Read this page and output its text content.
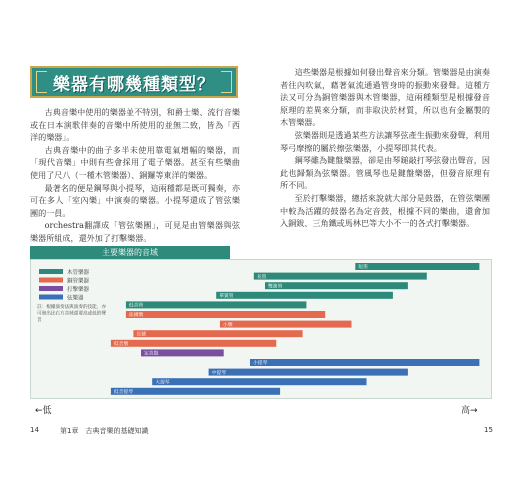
樂器有哪幾種類型？

古典音樂中使用的樂器並不特別，和爵士樂、流行音樂或在日本演歌伴奏的音樂中所使用的並無二致，皆為「西洋的樂器」。

古典音樂中的曲子多半未使用靠電氣增幅的樂器，而「現代音樂」中則有些會採用了電子樂器。甚至有些樂曲使用了尺八（一種木管樂器）、銅鑼等東洋的樂器。

最著名的便是鋼琴與小提琴，這兩種都是既可獨奏，亦可在多人「室內樂」中演奏的樂器。小提琴還成了管弦樂團的一員。

orchestra翻譯成「管弦樂團」，可見是由管樂器與弦樂器所組成，還外加了打擊樂器。

這些樂器是根據如何發出聲音來分類。管樂器是由演奏者往內吹氣，藉著氣流通過管身時的振動來發聲。這種方法又可分為銅管樂器與木管樂器，這兩種類型是根據發音原理的差異來分類，而非取決於材質，所以也有金屬製的木管樂器。

弦樂器則是透過某些方法讓琴弦產生振動來發聲，利用琴弓摩擦的屬於擦弦樂器，小提琴即其代表。

鋼琴雖為鍵盤樂器，卻是由琴鎚敲打琴弦發出聲音，因此也歸類為弦樂器。管風琴也是鍵盤樂器，但發音原理有所不同。

至於打擊樂器，總括來說就大部分是鼓器，在管弦樂團中較為活躍的鼓器名為定音鼓，根據不同的樂曲，還會加入銅鈸、三角鐵或馬林巴等大小不一的各式打擊樂器。

主要樂器的音域
木管樂器
銅管樂器
打擊樂器
弦樂器
註：根據演奏法與演奏的技能，亦
可發出比右方音域還要高或低的聲
音
短笛
長笛
雙簧管
單簧管
低音管
法國號
小號
長號
低音號
定音鼓
小提琴
中提琴
大提琴
低音提琴
←低	高→
14	第1章　古典音樂的基礎知識	15
